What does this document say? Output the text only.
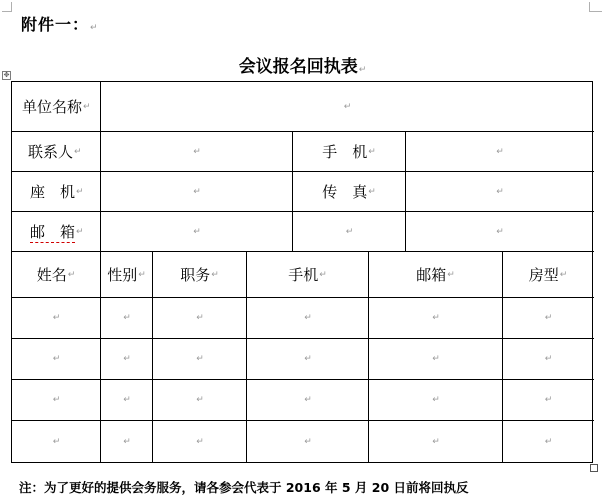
附件一：↵
会议报名回执表↵
✥
单位名称 ↵	↵
联系人 ↵	↵	手　机 ↵	↵
座　机 ↵	↵	传　真 ↵	↵
邮　箱 ↵	↵	↵	↵
姓名 ↵ 性别 ↵ 职务 ↵	手机 ↵	邮箱 ↵	房型 ↵
↵	↵	↵	↵	↵	↵
↵	↵	↵	↵	↵	↵
↵	↵	↵	↵	↵	↵
↵	↵	↵	↵	↵	↵
注：为了更好的提供会务服务，请各参会代表于 2016 年 5 月 20 日前将回执反
